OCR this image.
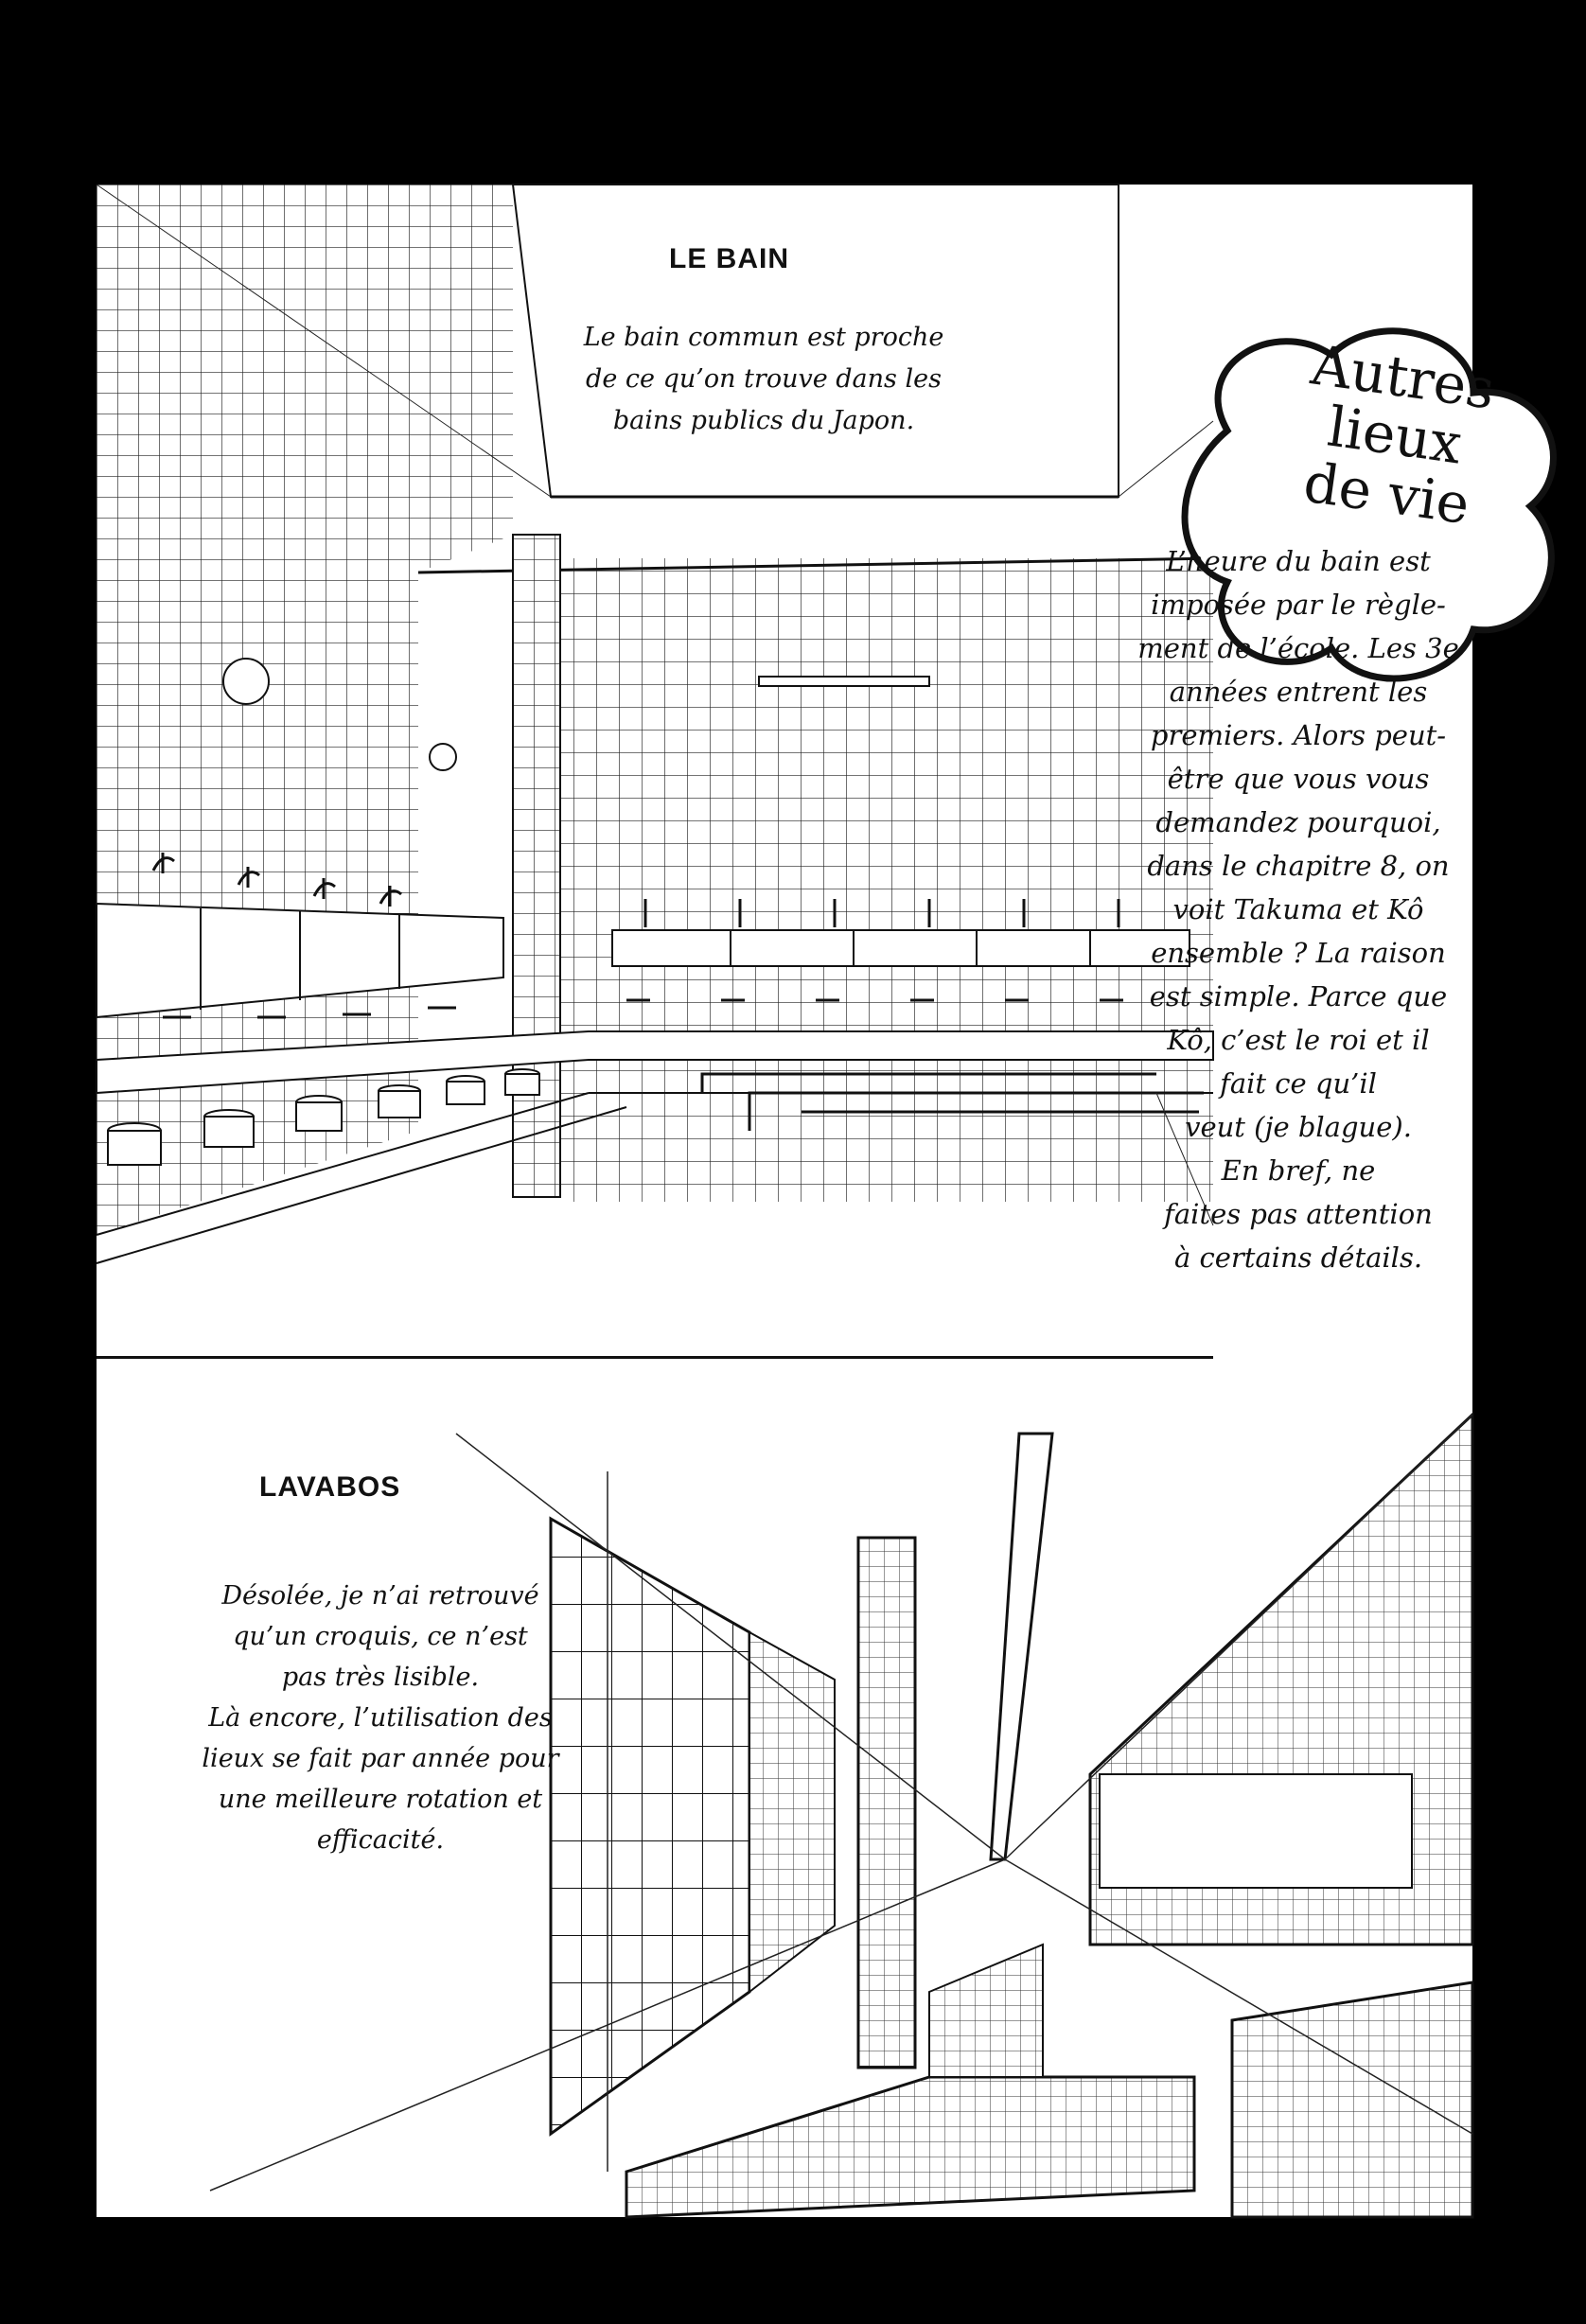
Autres
lieux
de vie
LE BAIN
Le bain commun est proche
de ce qu’on trouve dans les
bains publics du Japon.
L’heure du bain est
imposée par le règle-
ment de l’école. Les 3e
années entrent les
premiers. Alors peut-
être que vous vous
demandez pourquoi,
dans le chapitre 8, on
voit Takuma et Kô
ensemble ? La raison
est simple. Parce que
Kô, c’est le roi et il
fait ce qu’il
veut (je blague).
En bref, ne
faites pas attention
à certains détails.
LAVABOS
Désolée, je n’ai retrouvé
qu’un croquis, ce n’est
pas très lisible.
Là encore, l’utilisation des
lieux se fait par année pour
une meilleure rotation et
efficacité.
